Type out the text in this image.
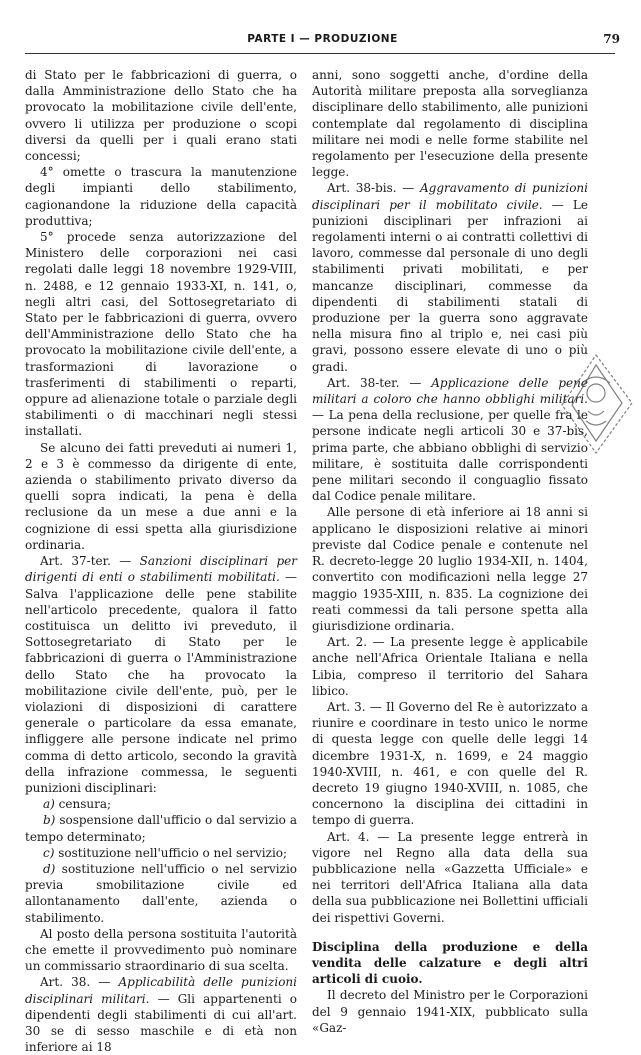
PARTE I — PRODUZIONE	79

di Stato per le fabbricazioni di guerra, o dalla Amministrazione dello Stato che ha provocato la mobilitazione civile dell'ente, ovvero li utilizza per produzione o scopi diversi da quelli per i quali erano stati concessi;

4° omette o trascura la manutenzione degli impianti dello stabilimento, cagionandone la riduzione della capacità produttiva;

5° procede senza autorizzazione del Ministero delle corporazioni nei casi regolati dalle leggi 18 novembre 1929-VIII, n. 2488, e 12 gennaio 1933-XI, n. 141, o, negli altri casi, del Sottosegretariato di Stato per le fabbricazioni di guerra, ovvero dell'Amministrazione dello Stato che ha provocato la mobilitazione civile dell'ente, a trasformazioni di lavorazione o trasferimenti di stabilimenti o reparti, oppure ad alienazione totale o parziale degli stabilimenti o di macchinari negli stessi installati.

Se alcuno dei fatti preveduti ai numeri 1, 2 e 3 è commesso da dirigente di ente, azienda o stabilimento privato diverso da quelli sopra indicati, la pena è della reclusione da un mese a due anni e la cognizione di essi spetta alla giurisdizione ordinaria.

Art. 37-ter. — Sanzioni disciplinari per dirigenti di enti o stabilimenti mobilitati. — Salva l'applicazione delle pene stabilite nell'articolo precedente, qualora il fatto costituisca un delitto ivi preveduto, il Sottosegretariato di Stato per le fabbricazioni di guerra o l'Amministrazione dello Stato che ha provocato la mobilitazione civile dell'ente, può, per le violazioni di disposizioni di carattere generale o particolare da essa emanate, infliggere alle persone indicate nel primo comma di detto articolo, secondo la gravità della infrazione commessa, le seguenti punizioni disciplinari:

a) censura;

b) sospensione dall'ufficio o dal servizio a tempo determinato;

c) sostituzione nell'ufficio o nel servizio;

d) sostituzione nell'ufficio o nel servizio previa smobilitazione civile ed allontanamento dall'ente, azienda o stabilimento.

Al posto della persona sostituita l'autorità che emette il provvedimento può nominare un commissario straordinario di sua scelta.

Art. 38. — Applicabilità delle punizioni disciplinari militari. — Gli appartenenti o dipendenti degli stabilimenti di cui all'art. 30 se di sesso maschile e di età non inferiore ai 18

anni, sono soggetti anche, d'ordine della Autorità militare preposta alla sorveglianza disciplinare dello stabilimento, alle punizioni contemplate dal regolamento di disciplina militare nei modi e nelle forme stabilite nel regolamento per l'esecuzione della presente legge.

Art. 38-bis. — Aggravamento di punizioni disciplinari per il mobilitato civile. — Le punizioni disciplinari per infrazioni ai regolamenti interni o ai contratti collettivi di lavoro, commesse dal personale di uno degli stabilimenti privati mobilitati, e per mancanze disciplinari, commesse da dipendenti di stabilimenti statali di produzione per la guerra sono aggravate nella misura fino al triplo e, nei casi più gravi, possono essere elevate di uno o più gradi.

Art. 38-ter. — Applicazione delle pene militari a coloro che hanno obblighi militari. — La pena della reclusione, per quelle fra le persone indicate negli articoli 30 e 37-bis, prima parte, che abbiano obblighi di servizio militare, è sostituita dalle corrispondenti pene militari secondo il conguaglio fissato dal Codice penale militare.

Alle persone di età inferiore ai 18 anni si applicano le disposizioni relative ai minori previste dal Codice penale e contenute nel R. decreto-legge 20 luglio 1934-XII, n. 1404, convertito con modificazioni nella legge 27 maggio 1935-XIII, n. 835. La cognizione dei reati commessi da tali persone spetta alla giurisdizione ordinaria.

Art. 2. — La presente legge è applicabile anche nell'Africa Orientale Italiana e nella Libia, compreso il territorio del Sahara libico.

Art. 3. — Il Governo del Re è autorizzato a riunire e coordinare in testo unico le norme di questa legge con quelle delle leggi 14 dicembre 1931-X, n. 1699, e 24 maggio 1940-XVIII, n. 461, e con quelle del R. decreto 19 giugno 1940-XVIII, n. 1085, che concernono la disciplina dei cittadini in tempo di guerra.

Art. 4. — La presente legge entrerà in vigore nel Regno alla data della sua pubblicazione nella «Gazzetta Ufficiale» e nei territori dell'Africa Italiana alla data della sua pubblicazione nei Bollettini ufficiali dei rispettivi Governi.

Disciplina della produzione e della vendita delle calzature e degli altri articoli di cuoio.

Il decreto del Ministro per le Corporazioni del 9 gennaio 1941-XIX, pubblicato sulla «Gaz-
